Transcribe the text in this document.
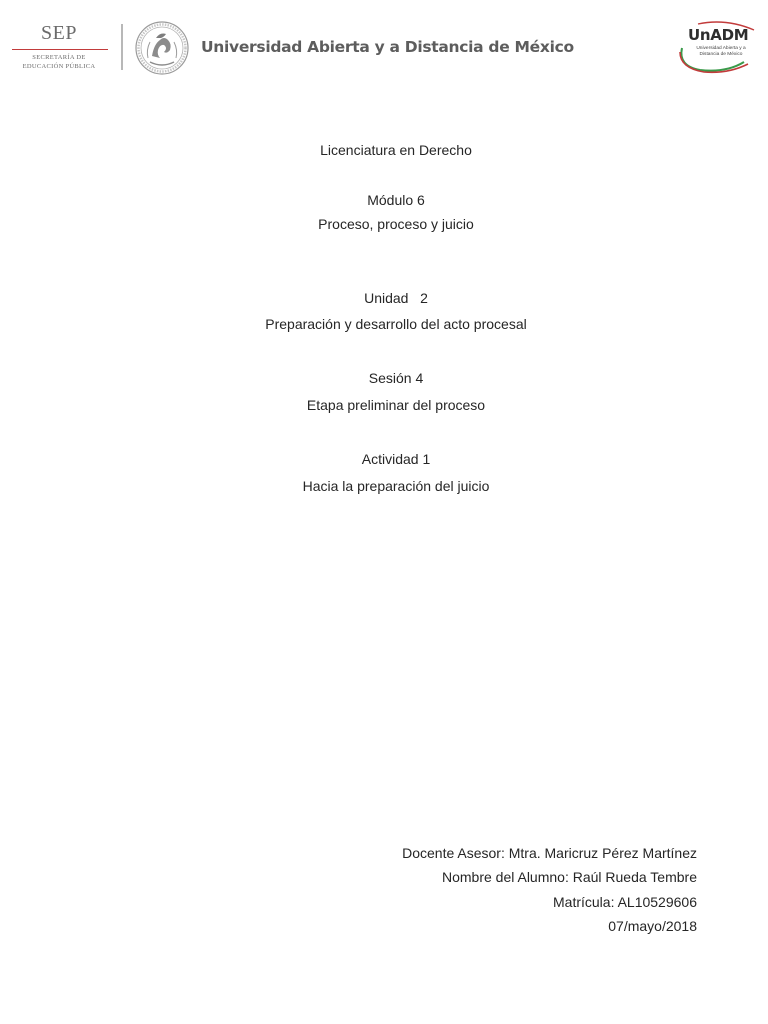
SEP
SECRETARÍA DE
EDUCACIÓN PÚBLICA
Universidad Abierta y a Distancia de México
UnADM
Universidad Abierta y a
Distancia de México
Licenciatura en Derecho
Módulo 6
Proceso, proceso y juicio
Unidad   2
Preparación y desarrollo del acto procesal
Sesión 4
Etapa preliminar del proceso
Actividad 1
Hacia la preparación del juicio
Docente Asesor: Mtra. Maricruz Pérez Martínez
Nombre del Alumno: Raúl Rueda Tembre
Matrícula: AL10529606
07/mayo/2018
